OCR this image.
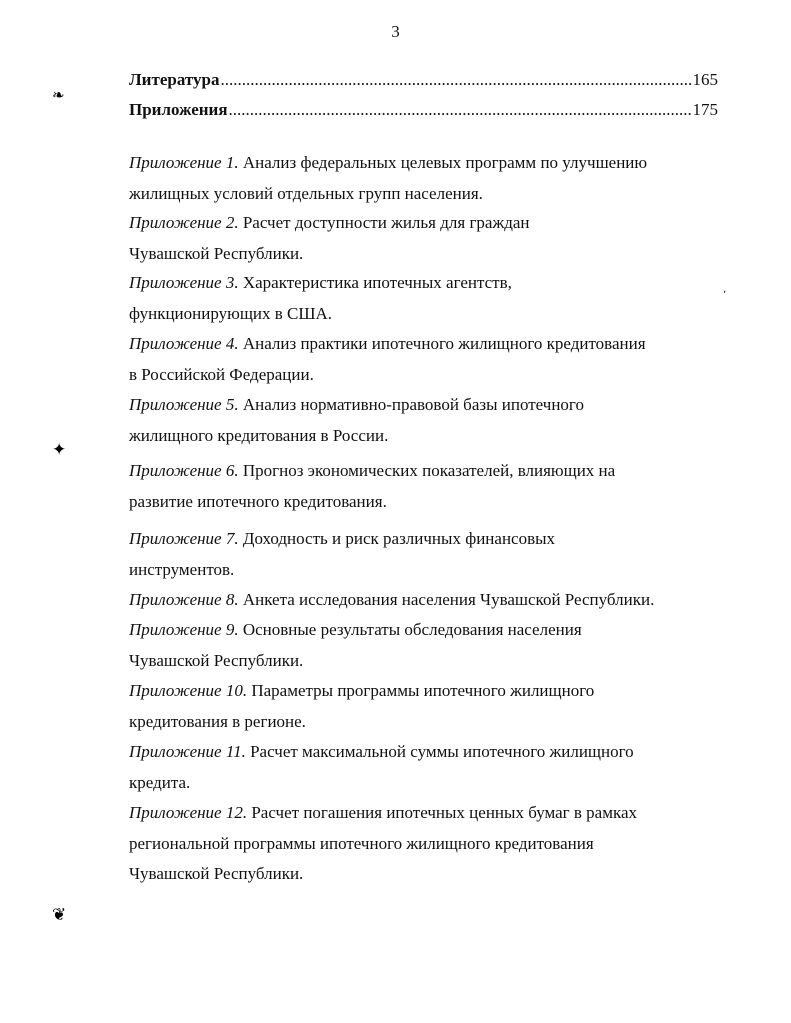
3
❧
✦
❦
ʼ
Литература .....	165
Приложения .....	175
Приложение 1. Анализ федеральных целевых программ по улучшению
жилищных условий отдельных групп населения.
Приложение 2. Расчет доступности жилья для граждан
Чувашской Республики.
Приложение 3. Характеристика ипотечных агентств,
функционирующих в США.
Приложение 4. Анализ практики ипотечного жилищного кредитования
в Российской Федерации.
Приложение 5. Анализ нормативно-правовой базы ипотечного
жилищного кредитования в России.
Приложение 6. Прогноз экономических показателей, влияющих на
развитие ипотечного кредитования.
Приложение 7. Доходность и риск различных финансовых
инструментов.
Приложение 8. Анкета исследования населения Чувашской Республики.
Приложение 9. Основные результаты обследования населения
Чувашской Республики.
Приложение 10. Параметры программы ипотечного жилищного
кредитования в регионе.
Приложение 11. Расчет максимальной суммы ипотечного жилищного
кредита.
Приложение 12. Расчет погашения ипотечных ценных бумаг в рамках
региональной программы ипотечного жилищного кредитования
Чувашской Республики.
